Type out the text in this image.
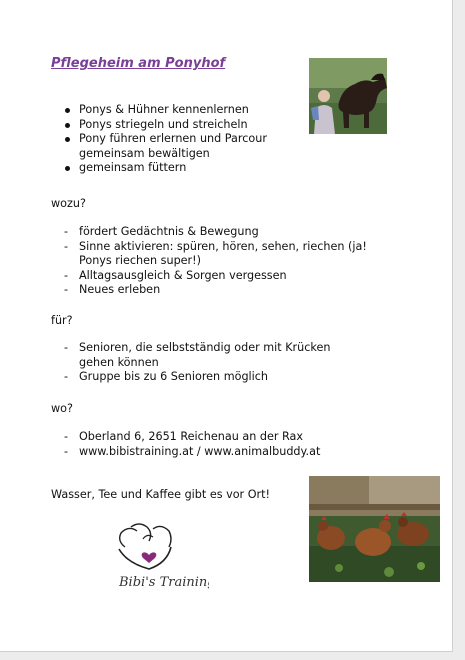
Pflegeheim am Ponyhof
Ponys & Hühner kennenlernen
Ponys striegeln und streicheln
Pony führen erlernen und Parcour gemeinsam bewältigen
gemeinsam füttern
wozu?
- fördert Gedächtnis & Bewegung
- Sinne aktivieren: spüren, hören, sehen, riechen (ja! Ponys riechen super!)
- Alltagsausgleich & Sorgen vergessen
- Neues erleben
für?
- Senioren, die selbstständig oder mit Krücken gehen können
- Gruppe bis zu 6 Senioren möglich
wo?
- Oberland 6, 2651 Reichenau an der Rax
- www.bibistraining.at / www.animalbuddy.at
Wasser, Tee und Kaffee gibt es vor Ort!
Bibi's Training
